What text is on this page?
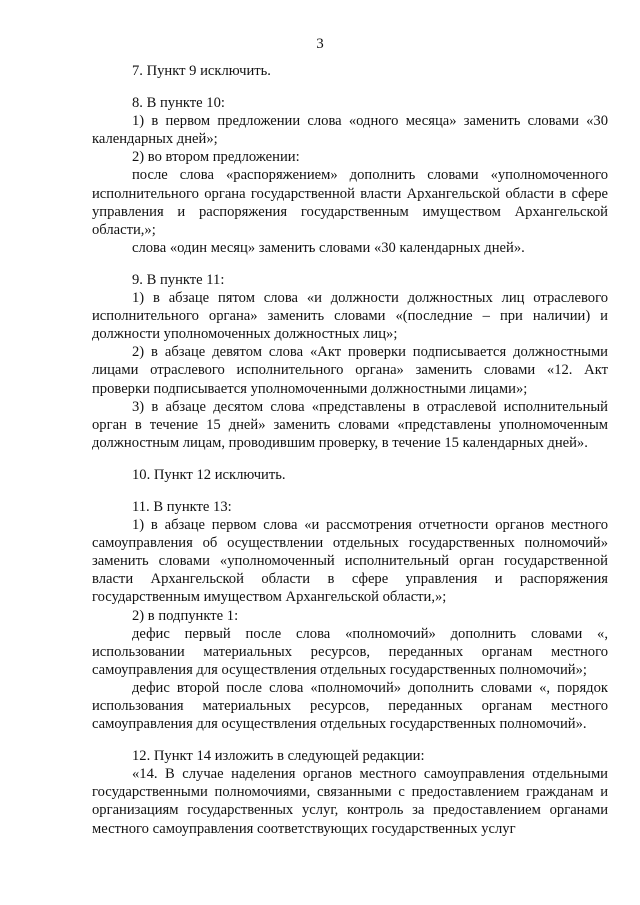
3

7. Пункт 9 исключить.

8. В пункте 10:

1) в первом предложении слова «одного месяца» заменить словами «30 календарных дней»;

2) во втором предложении:

после слова «распоряжением» дополнить словами «уполномоченного исполнительного органа государственной власти Архангельской области в сфере управления и распоряжения государственным имуществом Архангельской области,»;

слова «один месяц» заменить словами «30 календарных дней».

9. В пункте 11:

1) в абзаце пятом слова «и должности должностных лиц отраслевого исполнительного органа» заменить словами «(последние – при наличии) и должности уполномоченных должностных лиц»;

2) в абзаце девятом слова «Акт проверки подписывается должностными лицами отраслевого исполнительного органа» заменить словами «12. Акт проверки подписывается уполномоченными должностными лицами»;

3) в абзаце десятом слова «представлены в отраслевой исполнительный орган в течение 15 дней» заменить словами «представлены уполномоченным должностным лицам, проводившим проверку, в течение 15 календарных дней».

10. Пункт 12 исключить.

11. В пункте 13:

1) в абзаце первом слова «и рассмотрения отчетности органов местного самоуправления об осуществлении отдельных государственных полномочий» заменить словами «уполномоченный исполнительный орган государственной власти Архангельской области в сфере управления и распоряжения государственным имуществом Архангельской области,»;

2) в подпункте 1:

дефис первый после слова «полномочий» дополнить словами «, использовании материальных ресурсов, переданных органам местного самоуправления для осуществления отдельных государственных полномочий»;

дефис второй после слова «полномочий» дополнить словами «, порядок использования материальных ресурсов, переданных органам местного самоуправления для осуществления отдельных государственных полномочий».

12. Пункт 14 изложить в следующей редакции:

«14. В случае наделения органов местного самоуправления отдельными государственными полномочиями, связанными с предоставлением гражданам и организациям государственных услуг, контроль за предоставлением органами местного самоуправления соответствующих государственных услуг
